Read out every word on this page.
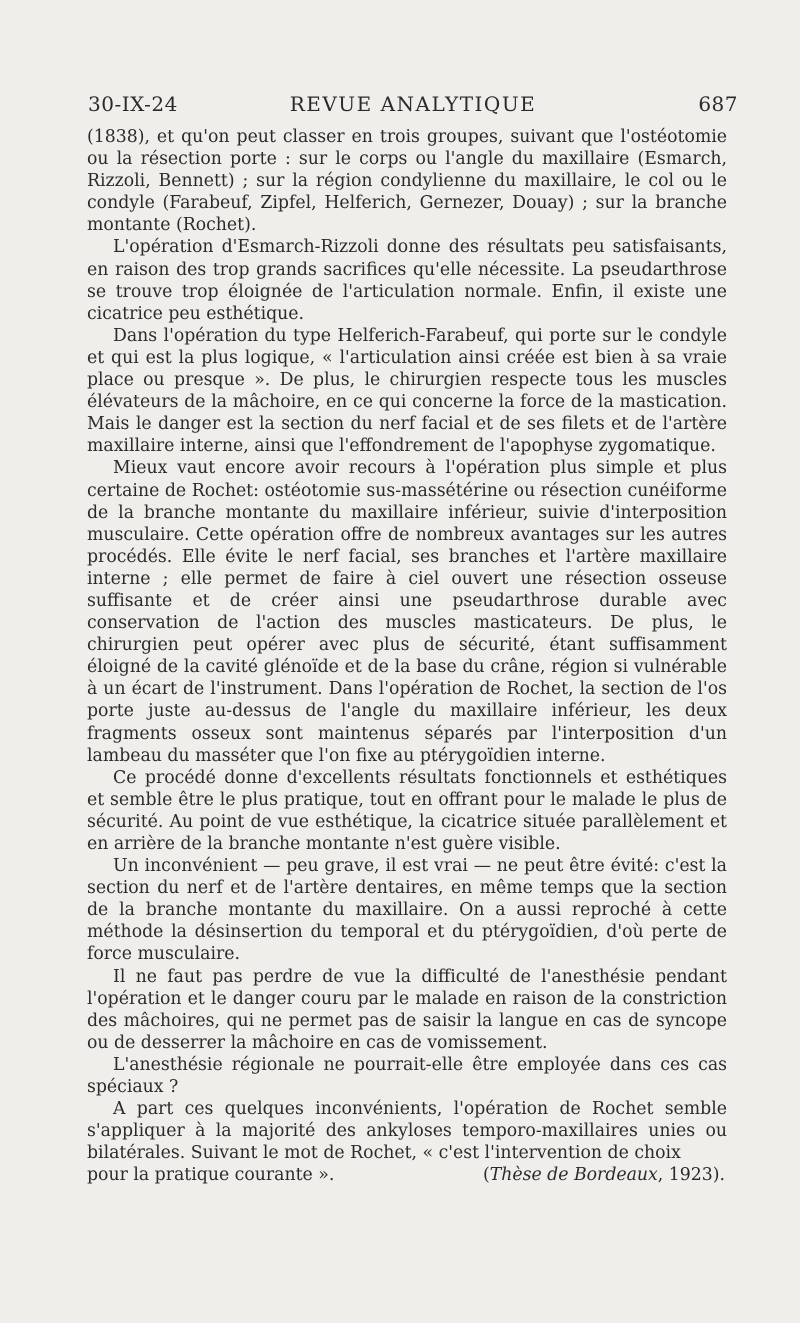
30-IX-24	REVUE ANALYTIQUE	687

(1838), et qu'on peut classer en trois groupes, suivant que l'ostéotomie ou la résection porte : sur le corps ou l'angle du maxillaire (Esmarch, Rizzoli, Bennett) ; sur la région condylienne du maxillaire, le col ou le condyle (Farabeuf, Zipfel, Helferich, Gernezer, Douay) ; sur la branche montante (Rochet).

L'opération d'Esmarch-Rizzoli donne des résultats peu satisfaisants, en raison des trop grands sacrifices qu'elle nécessite. La pseudarthrose se trouve trop éloignée de l'articulation normale. Enfin, il existe une cicatrice peu esthétique.

Dans l'opération du type Helferich-Farabeuf, qui porte sur le condyle et qui est la plus logique, « l'articulation ainsi créée est bien à sa vraie place ou presque ». De plus, le chirurgien respecte tous les muscles élévateurs de la mâchoire, en ce qui concerne la force de la mastication. Mais le danger est la section du nerf facial et de ses filets et de l'artère maxillaire interne, ainsi que l'effondrement de l'apophyse zygomatique.

Mieux vaut encore avoir recours à l'opération plus simple et plus certaine de Rochet: ostéotomie sus-massétérine ou résection cunéiforme de la branche montante du maxillaire inférieur, suivie d'interposition musculaire. Cette opération offre de nombreux avantages sur les autres procédés. Elle évite le nerf facial, ses branches et l'artère maxillaire interne ; elle permet de faire à ciel ouvert une résection osseuse suffisante et de créer ainsi une pseudarthrose durable avec conservation de l'action des muscles masticateurs. De plus, le chirurgien peut opérer avec plus de sécurité, étant suffisamment éloigné de la cavité glénoïde et de la base du crâne, région si vulnérable à un écart de l'instrument. Dans l'opération de Rochet, la section de l'os porte juste au-dessus de l'angle du maxillaire inférieur, les deux fragments osseux sont maintenus séparés par l'interposition d'un lambeau du masséter que l'on fixe au ptérygoïdien interne.

Ce procédé donne d'excellents résultats fonctionnels et esthétiques et semble être le plus pratique, tout en offrant pour le malade le plus de sécurité. Au point de vue esthétique, la cicatrice située parallèlement et en arrière de la branche montante n'est guère visible.

Un inconvénient — peu grave, il est vrai — ne peut être évité: c'est la section du nerf et de l'artère dentaires, en même temps que la section de la branche montante du maxillaire. On a aussi reproché à cette méthode la désinsertion du temporal et du ptérygoïdien, d'où perte de force musculaire.

Il ne faut pas perdre de vue la difficulté de l'anesthésie pendant l'opération et le danger couru par le malade en raison de la constriction des mâchoires, qui ne permet pas de saisir la langue en cas de syncope ou de desserrer la mâchoire en cas de vomissement.

L'anesthésie régionale ne pourrait-elle être employée dans ces cas spéciaux ?

A part ces quelques inconvénients, l'opération de Rochet semble s'appliquer à la majorité des ankyloses temporo-maxillaires unies ou bilatérales. Suivant le mot de Rochet, « c'est l'intervention de choix

pour la pratique courante ».	(Thèse de Bordeaux, 1923).
